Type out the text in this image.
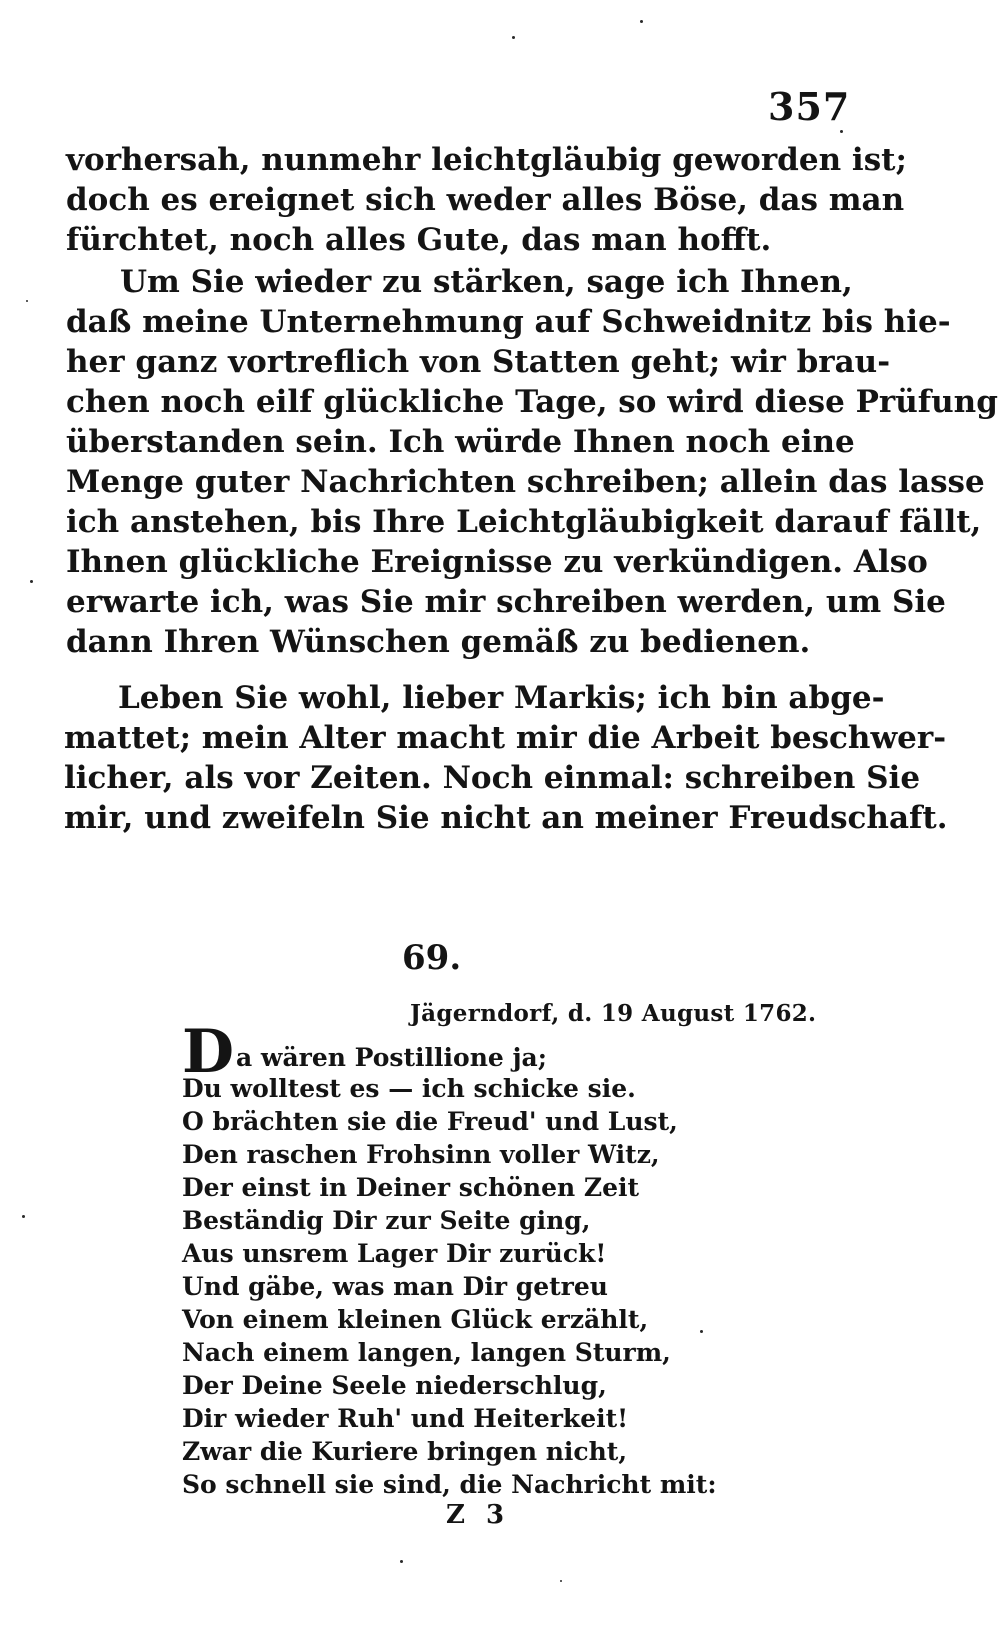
357
vorhersah, nunmehr leichtgläubig geworden ist;
doch es ereignet sich weder alles Böse, das man
fürchtet, noch alles Gute, das man hofft.
Um Sie wieder zu stärken, sage ich Ihnen,
daß meine Unternehmung auf Schweidnitz bis hie-
her ganz vortreflich von Statten geht; wir brau-
chen noch eilf glückliche Tage, so wird diese Prüfung
überstanden sein. Ich würde Ihnen noch eine
Menge guter Nachrichten schreiben; allein das lasse
ich anstehen, bis Ihre Leichtgläubigkeit darauf fällt,
Ihnen glückliche Ereignisse zu verkündigen. Also
erwarte ich, was Sie mir schreiben werden, um Sie
dann Ihren Wünschen gemäß zu bedienen.
Leben Sie wohl, lieber Markis; ich bin abge-
mattet; mein Alter macht mir die Arbeit beschwer-
licher, als vor Zeiten. Noch einmal: schreiben Sie
mir, und zweifeln Sie nicht an meiner Freudschaft.
69.
Jägerndorf, d. 19 August 1762.
Da wären Postillione ja;
Du wolltest es — ich schicke sie.
O brächten sie die Freud' und Lust,
Den raschen Frohsinn voller Witz,
Der einst in Deiner schönen Zeit
Beständig Dir zur Seite ging,
Aus unsrem Lager Dir zurück!
Und gäbe, was man Dir getreu
Von einem kleinen Glück erzählt,
Nach einem langen, langen Sturm,
Der Deine Seele niederschlug,
Dir wieder Ruh' und Heiterkeit!
Zwar die Kuriere bringen nicht,
So schnell sie sind, die Nachricht mit:
Z 3
